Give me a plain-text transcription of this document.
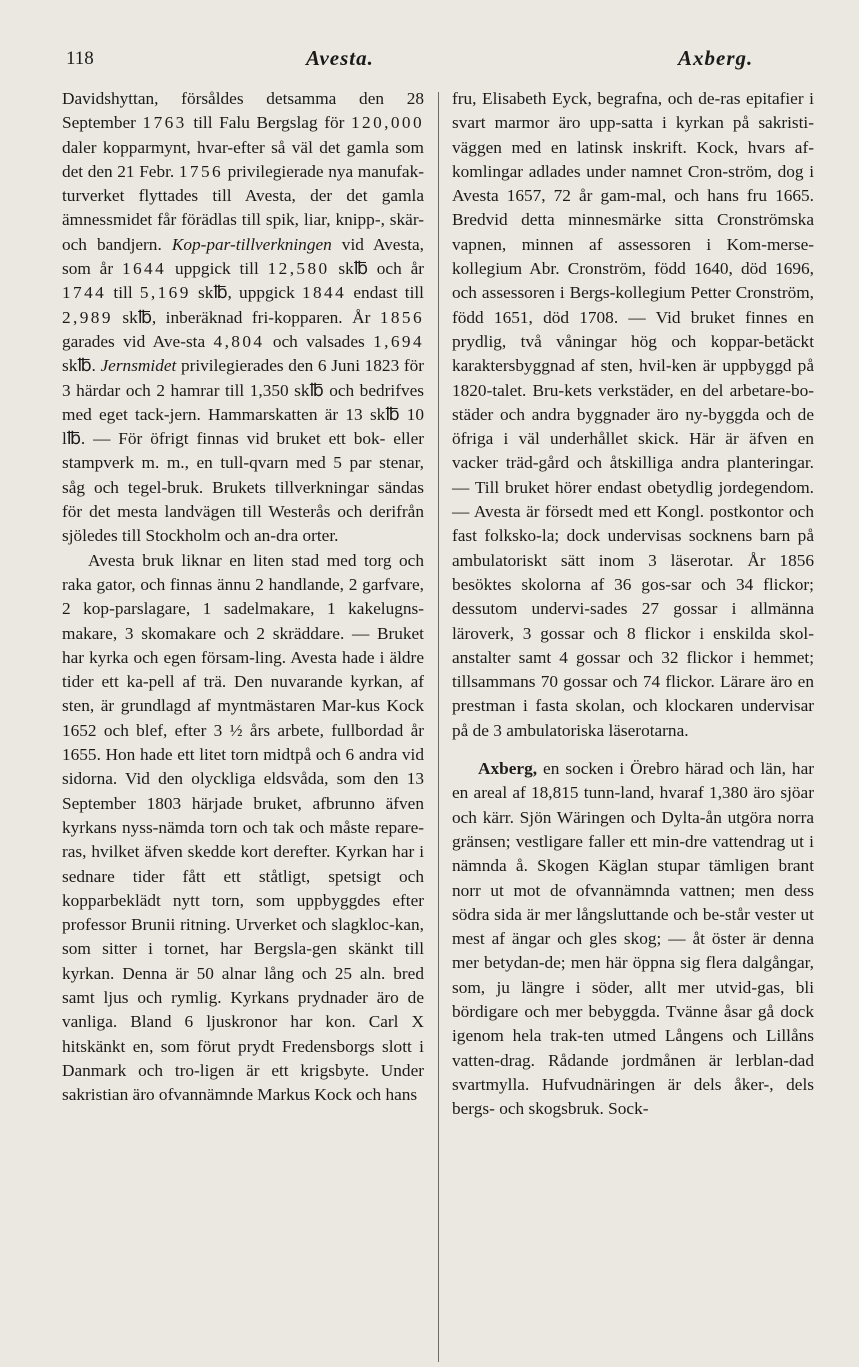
118	Avesta.	Axberg.

Davidshyttan, försåldes detsamma den 28 September 1763 till Falu Bergslag för 120,000 daler kopparmynt, hvar-efter så väl det gamla som det den 21 Febr. 1756 privilegierade nya manufak-turverket flyttades till Avesta, der det gamla ämnessmidet får förädlas till spik, liar, knipp-, skär- och bandjern. Kop-par-tillverkningen vid Avesta, som år 1644 uppgick till 12,580 sk℔ och år 1744 till 5,169 sk℔, uppgick 1844 endast till 2,989 sk℔, inberäknad fri-kopparen. År 1856 garades vid Ave-sta 4,804 och valsades 1,694 sk℔. Jernsmidet privilegierades den 6 Juni 1823 för 3 härdar och 2 hamrar till 1,350 sk℔ och bedrifves med eget tack-jern. Hammarskatten är 13 sk℔ 10 l℔. — För öfrigt finnas vid bruket ett bok- eller stampverk m. m., en tull-qvarn med 5 par stenar, såg och tegel-bruk. Brukets tillverkningar sändas för det mesta landvägen till Westerås och derifrån sjöledes till Stockholm och an-dra orter.

Avesta bruk liknar en liten stad med torg och raka gator, och finnas ännu 2 handlande, 2 garfvare, 2 kop-parslagare, 1 sadelmakare, 1 kakelugns-makare, 3 skomakare och 2 skräddare. — Bruket har kyrka och egen försam-ling. Avesta hade i äldre tider ett ka-pell af trä. Den nuvarande kyrkan, af sten, är grundlagd af myntmästaren Mar-kus Kock 1652 och blef, efter 3 ½ års arbete, fullbordad år 1655. Hon hade ett litet torn midtpå och 6 andra vid sidorna. Vid den olyckliga eldsvåda, som den 13 September 1803 härjade bruket, afbrunno äfven kyrkans nyss-nämda torn och tak och måste repare-ras, hvilket äfven skedde kort derefter. Kyrkan har i sednare tider fått ett ståtligt, spetsigt och kopparbeklädt nytt torn, som uppbyggdes efter professor Brunii ritning. Urverket och slagkloc-kan, som sitter i tornet, har Bergsla-gen skänkt till kyrkan. Denna är 50 alnar lång och 25 aln. bred samt ljus och rymlig. Kyrkans prydnader äro de vanliga. Bland 6 ljuskronor har kon. Carl X hitskänkt en, som förut prydt Fredensborgs slott i Danmark och tro-ligen är ett krigsbyte. Under sakristian äro ofvannämnde Markus Kock och hans

fru, Elisabeth Eyck, begrafna, och de-ras epitafier i svart marmor äro upp-satta i kyrkan på sakristi-väggen med en latinsk inskrift. Kock, hvars af-komlingar adlades under namnet Cron-ström, dog i Avesta 1657, 72 år gam-mal, och hans fru 1665. Bredvid detta minnesmärke sitta Cronströmska vapnen, minnen af assessoren i Kom-merse-kollegium Abr. Cronström, född 1640, död 1696, och assessoren i Bergs-kollegium Petter Cronström, född 1651, död 1708. — Vid bruket finnes en prydlig, två våningar hög och koppar-betäckt karaktersbyggnad af sten, hvil-ken är uppbyggd på 1820-talet. Bru-kets verkstäder, en del arbetare-bo-städer och andra byggnader äro ny-byggda och de öfriga i väl underhållet skick. Här är äfven en vacker träd-gård och åtskilliga andra planteringar. — Till bruket hörer endast obetydlig jordegendom. — Avesta är försedt med ett Kongl. postkontor och fast folksko-la; dock undervisas socknens barn på ambulatoriskt sätt inom 3 läserotar. År 1856 besöktes skolorna af 36 gos-sar och 34 flickor; dessutom undervi-sades 27 gossar i allmänna läroverk, 3 gossar och 8 flickor i enskilda skol-anstalter samt 4 gossar och 32 flickor i hemmet; tillsammans 70 gossar och 74 flickor. Lärare äro en prestman i fasta skolan, och klockaren undervisar på de 3 ambulatoriska läserotarna.

Axberg, en socken i Örebro härad och län, har en areal af 18,815 tunn-land, hvaraf 1,380 äro sjöar och kärr. Sjön Wäringen och Dylta-ån utgöra norra gränsen; vestligare faller ett min-dre vattendrag ut i nämnda å. Skogen Käglan stupar tämligen brant norr ut mot de ofvannämnda vattnen; men dess södra sida är mer långsluttande och be-står vester ut mest af ängar och gles skog; — åt öster är denna mer betydan-de; men här öppna sig flera dalgångar, som, ju längre i söder, allt mer utvid-gas, bli bördigare och mer bebyggda. Tvänne åsar gå dock igenom hela trak-ten utmed Långens och Lillåns vatten-drag. Rådande jordmånen är lerblan-dad svartmylla. Hufvudnäringen är dels åker-, dels bergs- och skogsbruk. Sock-
